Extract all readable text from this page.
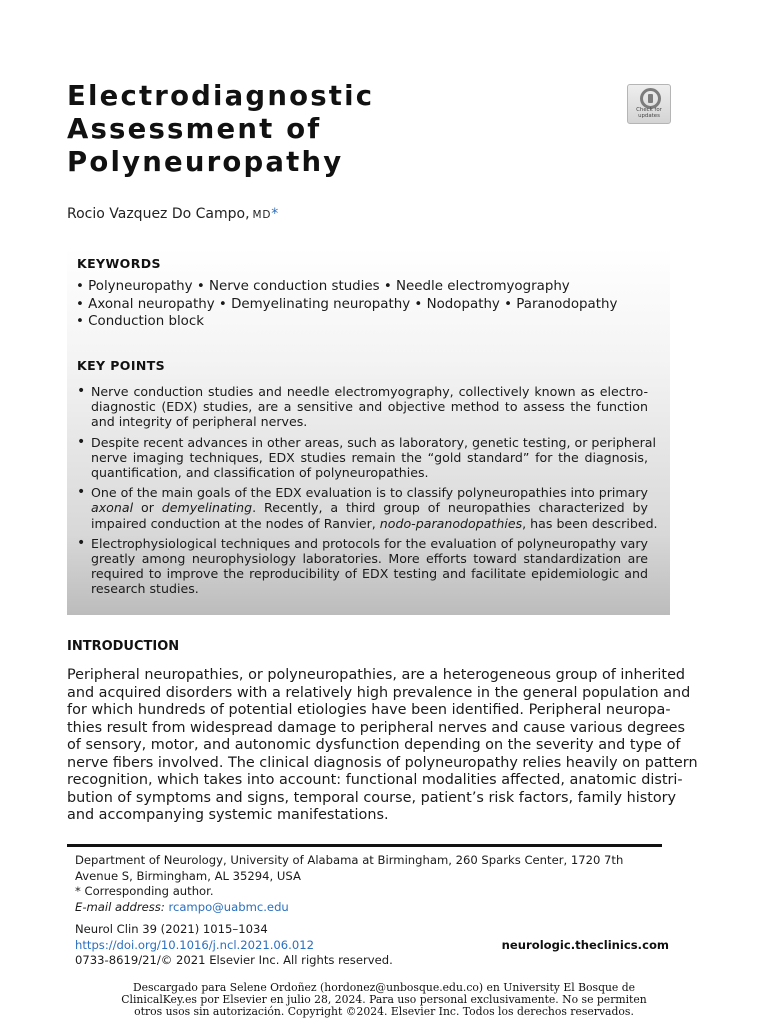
Electrodiagnostic
Assessment of
Polyneuropathy
Check for
updates

Rocio Vazquez Do Campo, MD*

KEYWORDS
• Polyneuropathy • Nerve conduction studies • Needle electromyography
• Axonal neuropathy • Demyelinating neuropathy • Nodopathy • Paranodopathy
• Conduction block
KEY POINTS
• Nerve conduction studies and needle electromyography, collectively known as electro-
diagnostic (EDX) studies, are a sensitive and objective method to assess the function
and integrity of peripheral nerves.
• Despite recent advances in other areas, such as laboratory, genetic testing, or peripheral
nerve imaging techniques, EDX studies remain the “gold standard” for the diagnosis,
quantification, and classification of polyneuropathies.
• One of the main goals of the EDX evaluation is to classify polyneuropathies into primary
axonal or demyelinating. Recently, a third group of neuropathies characterized by
impaired conduction at the nodes of Ranvier, nodo-paranodopathies, has been described.
• Electrophysiological techniques and protocols for the evaluation of polyneuropathy vary
greatly among neurophysiology laboratories. More efforts toward standardization are
required to improve the reproducibility of EDX testing and facilitate epidemiologic and
research studies.
INTRODUCTION
Peripheral neuropathies, or polyneuropathies, are a heterogeneous group of inherited
and acquired disorders with a relatively high prevalence in the general population and
for which hundreds of potential etiologies have been identified. Peripheral neuropa-
thies result from widespread damage to peripheral nerves and cause various degrees
of sensory, motor, and autonomic dysfunction depending on the severity and type of
nerve fibers involved. The clinical diagnosis of polyneuropathy relies heavily on pattern
recognition, which takes into account: functional modalities affected, anatomic distri-
bution of symptoms and signs, temporal course, patient’s risk factors, family history
and accompanying systemic manifestations.
Department of Neurology, University of Alabama at Birmingham, 260 Sparks Center, 1720 7th
Avenue S, Birmingham, AL 35294, USA
* Corresponding author.
E-mail address: rcampo@uabmc.edu
Neurol Clin 39 (2021) 1015–1034
https://doi.org/10.1016/j.ncl.2021.06.012
0733-8619/21/© 2021 Elsevier Inc. All rights reserved.
neurologic.theclinics.com
Descargado para Selene Ordoñez (hordonez@unbosque.edu.co) en University El Bosque de
ClinicalKey.es por Elsevier en julio 28, 2024. Para uso personal exclusivamente. No se permiten
otros usos sin autorización. Copyright ©2024. Elsevier Inc. Todos los derechos reservados.
